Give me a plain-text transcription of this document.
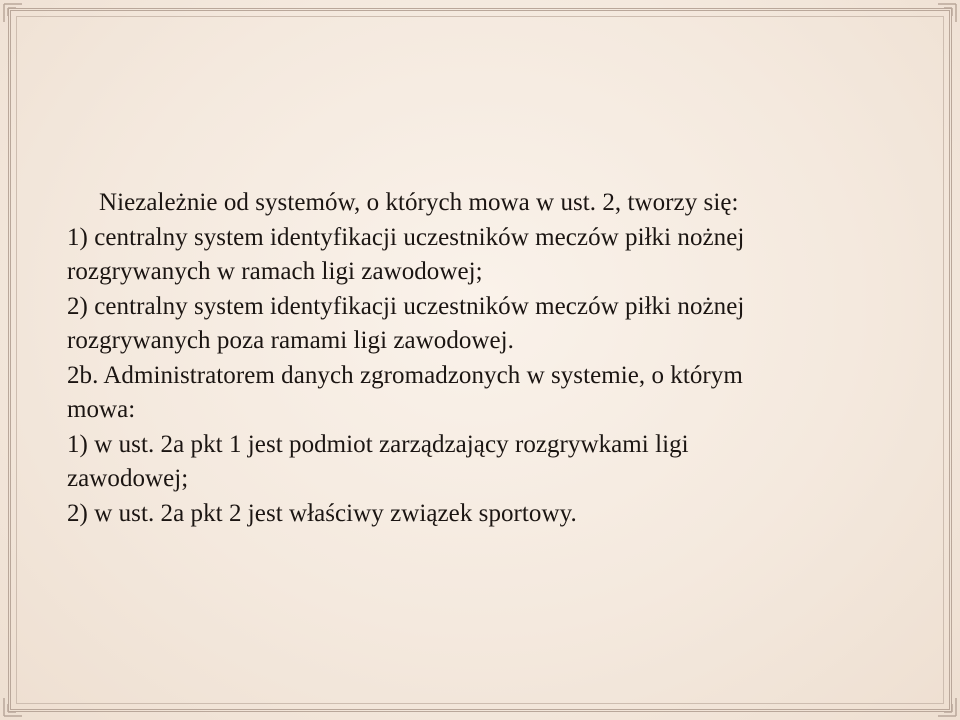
Niezależnie od systemów, o których mowa w ust. 2, tworzy się:
1) centralny system identyfikacji uczestników meczów piłki nożnej
rozgrywanych w ramach ligi zawodowej;
2) centralny system identyfikacji uczestników meczów piłki nożnej
rozgrywanych poza ramami ligi zawodowej.
2b. Administratorem danych zgromadzonych w systemie, o którym
mowa:
1) w ust. 2a pkt 1 jest podmiot zarządzający rozgrywkami ligi
zawodowej;
2) w ust. 2a pkt 2 jest właściwy związek sportowy.
